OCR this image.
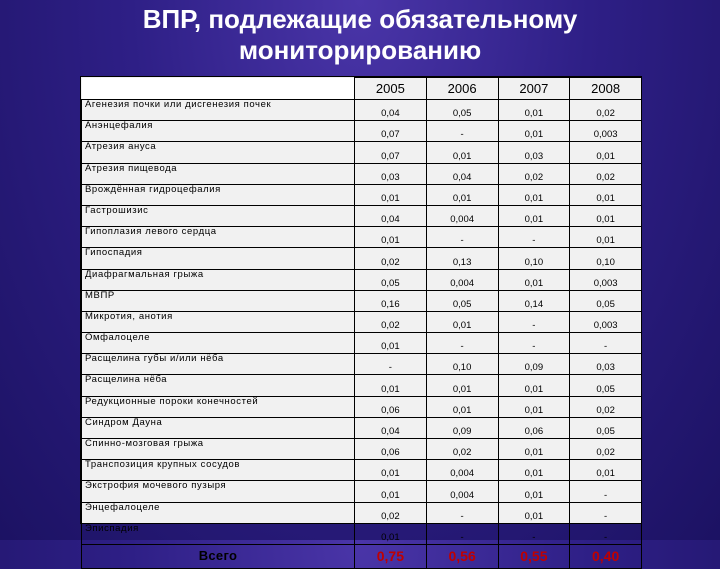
ВПР, подлежащие обязательному
мониторированию
	2005	2006	2007	2008
Агенезия почки или дисгенезия почек	0,04	0,05	0,01	0,02
Анэнцефалия	0,07	-	0,01	0,003
Атрезия ануса	0,07	0,01	0,03	0,01
Атрезия пищевода	0,03	0,04	0,02	0,02
Врождённая гидроцефалия	0,01	0,01	0,01	0,01
Гастрошизис	0,04	0,004	0,01	0,01
Гипоплазия левого сердца	0,01	-	-	0,01
Гипоспадия	0,02	0,13	0,10	0,10
Диафрагмальная грыжа	0,05	0,004	0,01	0,003
МВПР	0,16	0,05	0,14	0,05
Микротия, анотия	0,02	0,01	-	0,003
Омфалоцеле	0,01	-	-	-
Расщелина губы и/или нёба	-	0,10	0,09	0,03
Расщелина нёба	0,01	0,01	0,01	0,05
Редукционные пороки конечностей	0,06	0,01	0,01	0,02
Синдром Дауна	0,04	0,09	0,06	0,05
Спинно-мозговая грыжа	0,06	0,02	0,01	0,02
Транспозиция крупных сосудов	0,01	0,004	0,01	0,01
Экстрофия мочевого пузыря	0,01	0,004	0,01	-
Энцефалоцеле	0,02	-	0,01	-
Эписпадия	0,01	-	-	-
Всего	0,75	0,56	0,55	0,40
